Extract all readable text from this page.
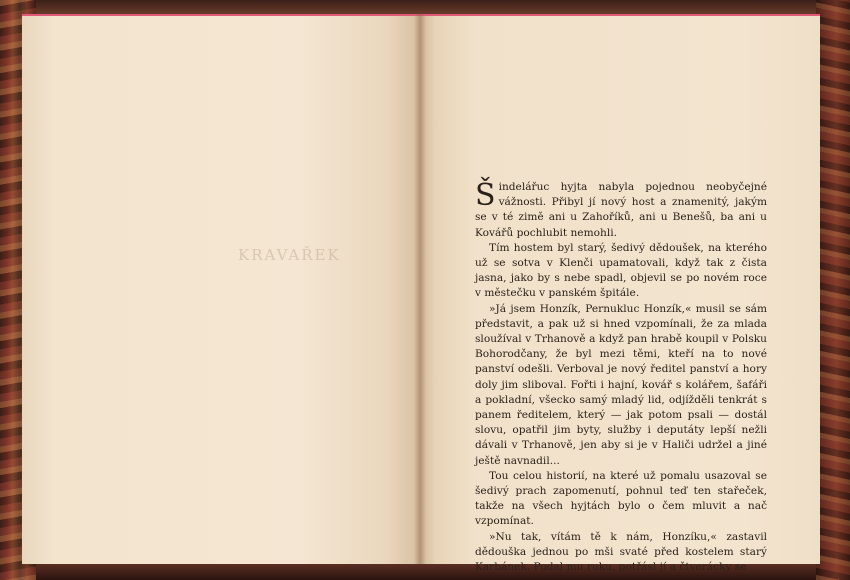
KRAVAŘEK

Šindelářuc hyjta nabyla pojednou neobyčejné vážnosti. Přibyl jí nový host a znamenitý, jakým se v té zimě ani u Zahoříků, ani u Benešů, ba ani u Kovářů pochlubit nemohli.

Tím hostem byl starý, šedivý dědoušek, na kterého už se sotva v Klenči upamatovali, když tak z čista jasna, jako by s nebe spadl, objevil se po novém roce v městečku v panském špitále.

»Já jsem Honzík, Pernukluc Honzík,« musil se sám představit, a pak už si hned vzpomínali, že za mlada sloužíval v Trhanově a když pan hrabě koupil v Polsku Bohorodčany, že byl mezi těmi, kteří na to nové panství odešli. Verboval je nový ředitel panství a hory doly jim sliboval. Fořti i hajní, kovář s kolářem, šafáři a pokladní, všecko samý mladý lid, odjížděli tenkrát s panem ředitelem, který — jak potom psali — dostál slovu, opatřil jim byty, služby i deputáty lepší nežli dávali v Trhanově, jen aby si je v Haliči udržel a jiné ještě navnadil...

Tou celou historií, na které už pomalu usazoval se šedivý prach zapomenutí, pohnul teď ten stařeček, takže na všech hyjtách bylo o čem mluvit a nač vzpomínat.

»Nu tak, vítám tě k nám, Honzíku,« zastavil dědouška jednou po mši svaté před kostelem starý Karbánek. Podal mu ruku, potřásl jí a čtverácky se
